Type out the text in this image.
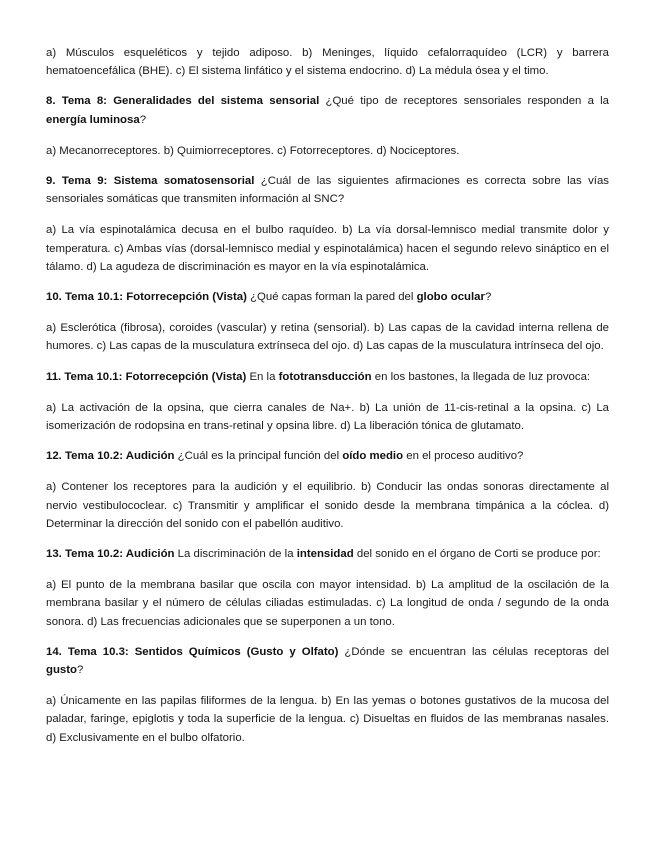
a) Músculos esqueléticos y tejido adiposo. b) Meninges, líquido cefalorraquídeo (LCR) y barrera hematoencefálica (BHE). c) El sistema linfático y el sistema endocrino. d) La médula ósea y el timo.

8. Tema 8: Generalidades del sistema sensorial ¿Qué tipo de receptores sensoriales responden a la energía luminosa?

a) Mecanorreceptores. b) Quimiorreceptores. c) Fotorreceptores. d) Nociceptores.

9. Tema 9: Sistema somatosensorial ¿Cuál de las siguientes afirmaciones es correcta sobre las vías sensoriales somáticas que transmiten información al SNC?

a) La vía espinotalámica decusa en el bulbo raquídeo. b) La vía dorsal-lemnisco medial transmite dolor y temperatura. c) Ambas vías (dorsal-lemnisco medial y espinotalámica) hacen el segundo relevo sináptico en el tálamo. d) La agudeza de discriminación es mayor en la vía espinotalámica.

10. Tema 10.1: Fotorrecepción (Vista) ¿Qué capas forman la pared del globo ocular?

a) Esclerótica (fibrosa), coroides (vascular) y retina (sensorial). b) Las capas de la cavidad interna rellena de humores. c) Las capas de la musculatura extrínseca del ojo. d) Las capas de la musculatura intrínseca del ojo.

11. Tema 10.1: Fotorrecepción (Vista) En la fototransducción en los bastones, la llegada de luz provoca:

a) La activación de la opsina, que cierra canales de Na+. b) La unión de 11-cis-retinal a la opsina. c) La isomerización de rodopsina en trans-retinal y opsina libre. d) La liberación tónica de glutamato.

12. Tema 10.2: Audición ¿Cuál es la principal función del oído medio en el proceso auditivo?

a) Contener los receptores para la audición y el equilibrio. b) Conducir las ondas sonoras directamente al nervio vestibulococlear. c) Transmitir y amplificar el sonido desde la membrana timpánica a la cóclea. d) Determinar la dirección del sonido con el pabellón auditivo.

13. Tema 10.2: Audición La discriminación de la intensidad del sonido en el órgano de Corti se produce por:

a) El punto de la membrana basilar que oscila con mayor intensidad. b) La amplitud de la oscilación de la membrana basilar y el número de células ciliadas estimuladas. c) La longitud de onda / segundo de la onda sonora. d) Las frecuencias adicionales que se superponen a un tono.

14. Tema 10.3: Sentidos Químicos (Gusto y Olfato) ¿Dónde se encuentran las células receptoras del gusto?

a) Únicamente en las papilas filiformes de la lengua. b) En las yemas o botones gustativos de la mucosa del paladar, faringe, epiglotis y toda la superficie de la lengua. c) Disueltas en fluidos de las membranas nasales. d) Exclusivamente en el bulbo olfatorio.
